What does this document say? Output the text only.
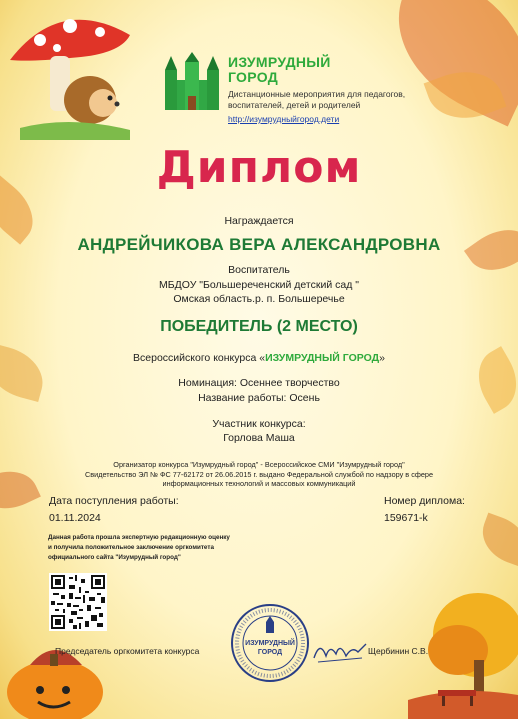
ИЗУМРУДНЫЙ
ГОРОД
Дистанционные мероприятия для педагогов,
воспитателей, детей и родителей
http://изумрудныйгород.дети
Диплом
Награждается
АНДРЕЙЧИКОВА ВЕРА АЛЕКСАНДРОВНА
Воспитатель
МБДОУ "Большереченский детский сад "
Омская область.р. п. Большеречье
ПОБЕДИТЕЛЬ (2 МЕСТО)
Всероссийского конкурса «ИЗУМРУДНЫЙ ГОРОД»
Номинация: Осеннее творчество
Название работы: Осень
Участник конкурса:
Горлова Маша
Организатор конкурса "Изумрудный город" - Всероссийское СМИ "Изумрудный город"
Свидетельство ЭЛ № ФС 77-62172 от 26.06.2015 г. выдано Федеральной службой по надзору в сфере
информационных технологий и массовых коммуникаций
Дата поступления работы:
01.11.2024
Номер диплома:
159671-k
Данная работа прошла экспертную редакционную оценку
и получила положительное заключение оргкомитета
официального сайта "Изумрудный город"
ИЗУМРУДНЫЙ
ГОРОД
Председатель оргкомитета конкурса	Щербинин С.В.
